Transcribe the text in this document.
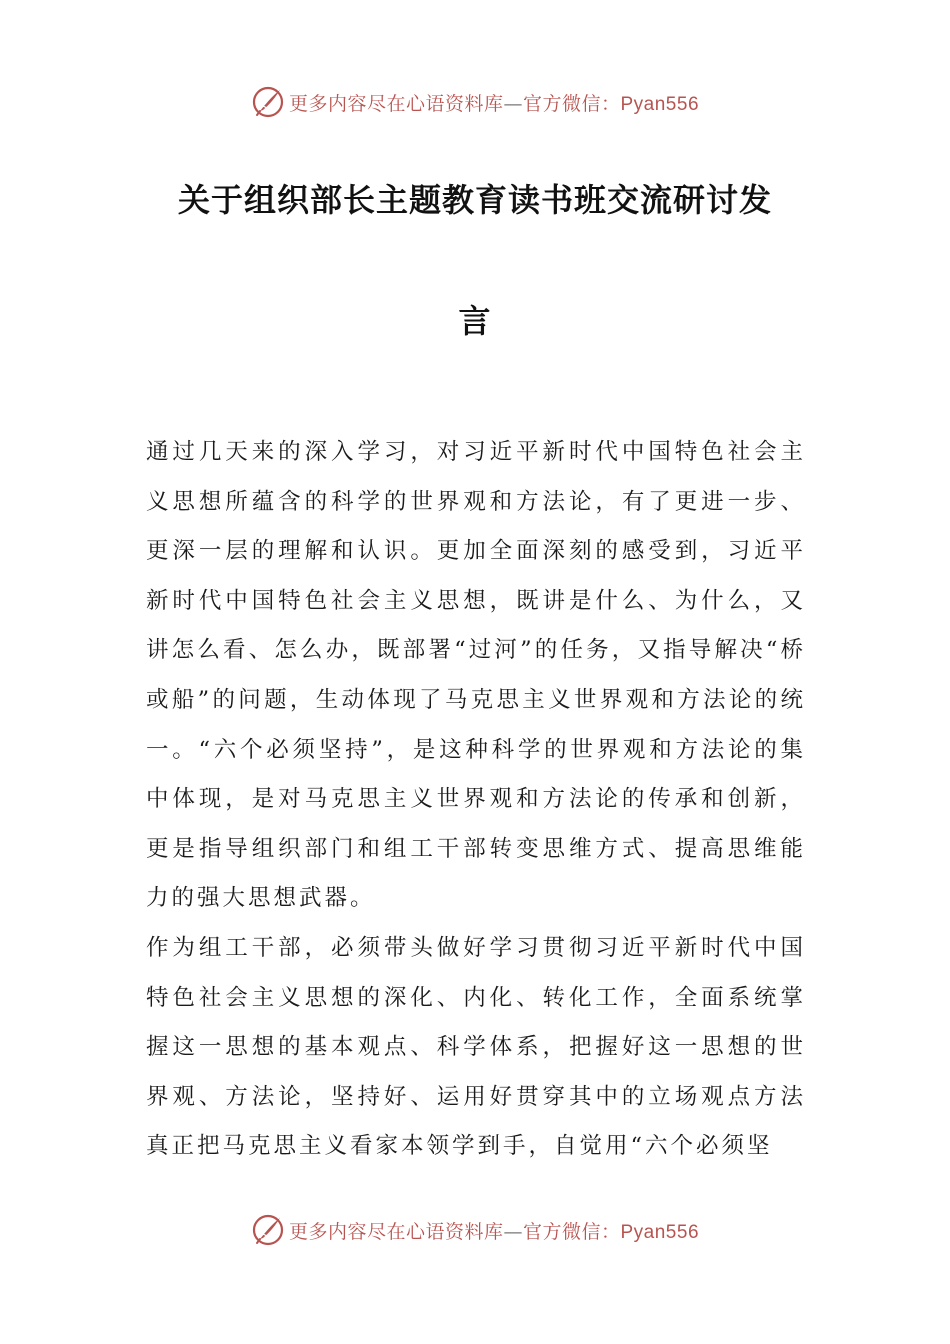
更多内容尽在心语资料库—官方微信：Pyan556
关于组织部长主题教育读书班交流研讨发
言

通过几天来的深入学习，对习近平新时代中国特色社会主义思想所蕴含的科学的世界观和方法论，有了更进一步、更深一层的理解和认识。更加全面深刻的感受到，习近平新时代中国特色社会主义思想，既讲是什么、为什么，又讲怎么看、怎么办，既部署“过河”的任务，又指导解决“桥或船”的问题，生动体现了马克思主义世界观和方法论的统一。“六个必须坚持”，是这种科学的世界观和方法论的集中体现，是对马克思主义世界观和方法论的传承和创新，更是指导组织部门和组工干部转变思维方式、提高思维能力的强大思想武器。

作为组工干部，必须带头做好学习贯彻习近平新时代中国特色社会主义思想的深化、内化、转化工作，全面系统掌握这一思想的基本观点、科学体系，把握好这一思想的世界观、方法论，坚持好、运用好贯穿其中的立场观点方法真正把马克思主义看家本领学到手，自觉用“六个必须坚

更多内容尽在心语资料库—官方微信：Pyan556
